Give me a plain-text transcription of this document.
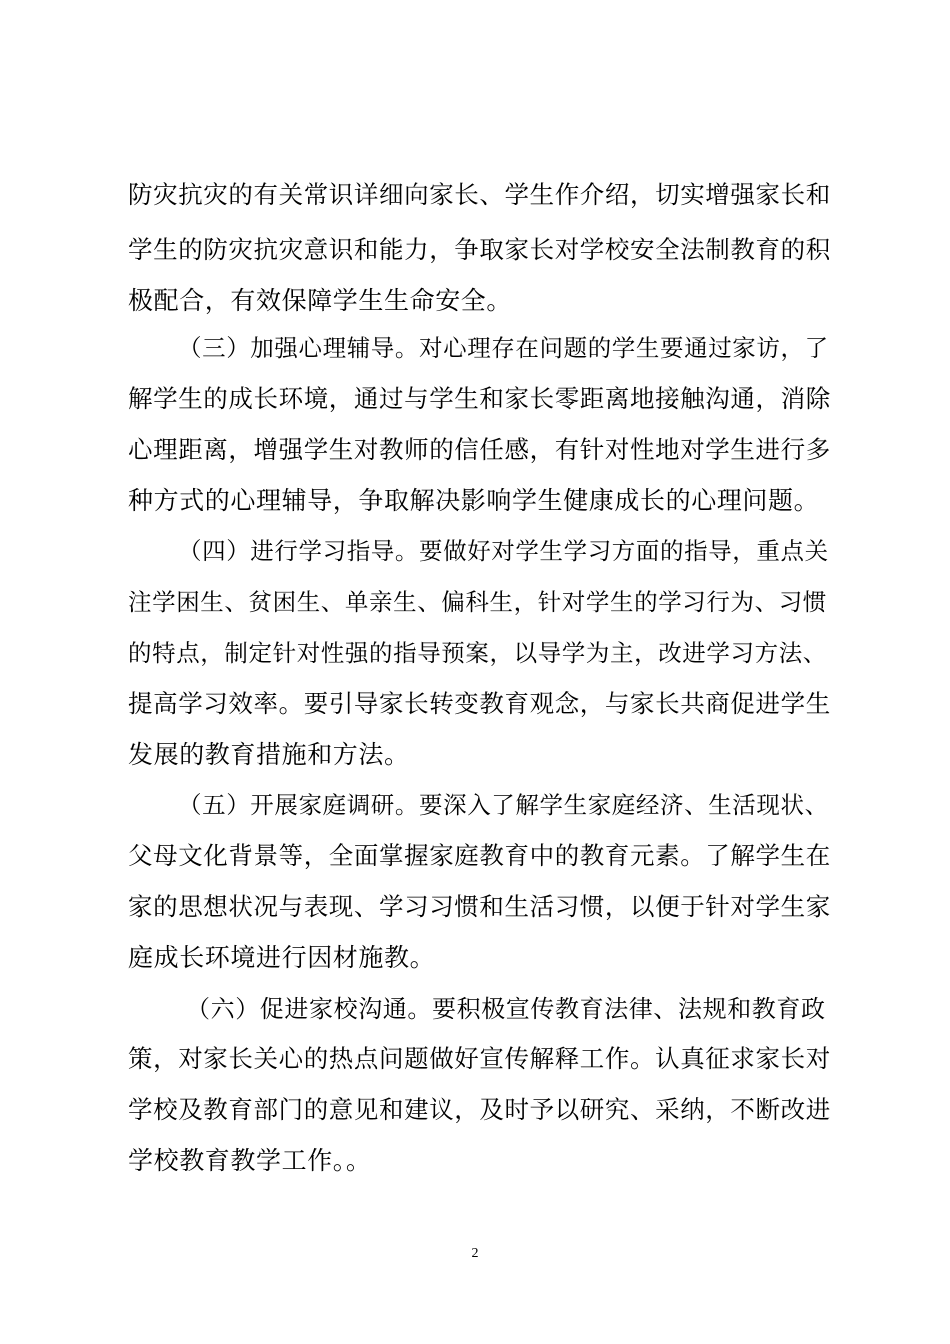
防灾抗灾的有关常识详细向家长、学生作介绍，切实增强家长和
学生的防灾抗灾意识和能力，争取家长对学校安全法制教育的积
极配合，有效保障学生生命安全。
（三）加强心理辅导。对心理存在问题的学生要通过家访，了
解学生的成长环境，通过与学生和家长零距离地接触沟通，消除
心理距离，增强学生对教师的信任感，有针对性地对学生进行多
种方式的心理辅导，争取解决影响学生健康成长的心理问题。
（四）进行学习指导。要做好对学生学习方面的指导，重点关
注学困生、贫困生、单亲生、偏科生，针对学生的学习行为、习惯
的特点，制定针对性强的指导预案，以导学为主，改进学习方法、
提高学习效率。要引导家长转变教育观念，与家长共商促进学生
发展的教育措施和方法。
（五）开展家庭调研。要深入了解学生家庭经济、生活现状、
父母文化背景等，全面掌握家庭教育中的教育元素。了解学生在
家的思想状况与表现、学习习惯和生活习惯，以便于针对学生家
庭成长环境进行因材施教。
（六）促进家校沟通。要积极宣传教育法律、法规和教育政
策，对家长关心的热点问题做好宣传解释工作。认真征求家长对
学校及教育部门的意见和建议，及时予以研究、采纳，不断改进
学校教育教学工作。。
2
